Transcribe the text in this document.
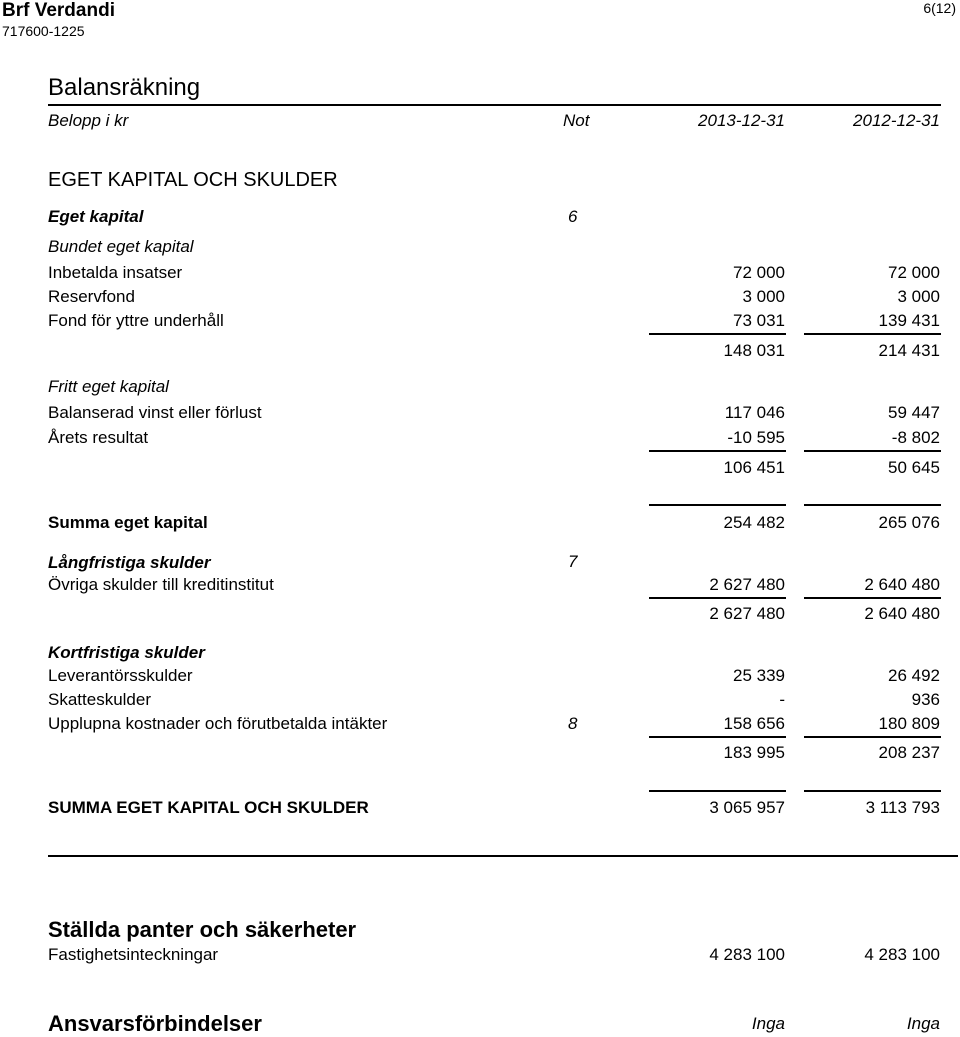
Brf Verdandi
717600-1225
6(12)
Balansräkning
Belopp i kr	Not	2013-12-31	2012-12-31
EGET KAPITAL OCH SKULDER
Eget kapital	6
Bundet eget kapital
Inbetalda insatser	72 000	72 000
Reservfond	3 000	3 000
Fond för yttre underhåll	73 031	139 431
148 031	214 431
Fritt eget kapital
Balanserad vinst eller förlust	117 046	59 447
Årets resultat	-10 595	-8 802
106 451	50 645
Summa eget kapital	254 482	265 076
Långfristiga skulder	7
Övriga skulder till kreditinstitut	2 627 480	2 640 480
2 627 480	2 640 480
Kortfristiga skulder
Leverantörsskulder	25 339	26 492
Skatteskulder	-	936
Upplupna kostnader och förutbetalda intäkter	8	158 656	180 809
183 995	208 237
SUMMA EGET KAPITAL OCH SKULDER	3 065 957	3 113 793
Ställda panter och säkerheter
Fastighetsinteckningar	4 283 100	4 283 100
Ansvarsförbindelser	Inga	Inga
